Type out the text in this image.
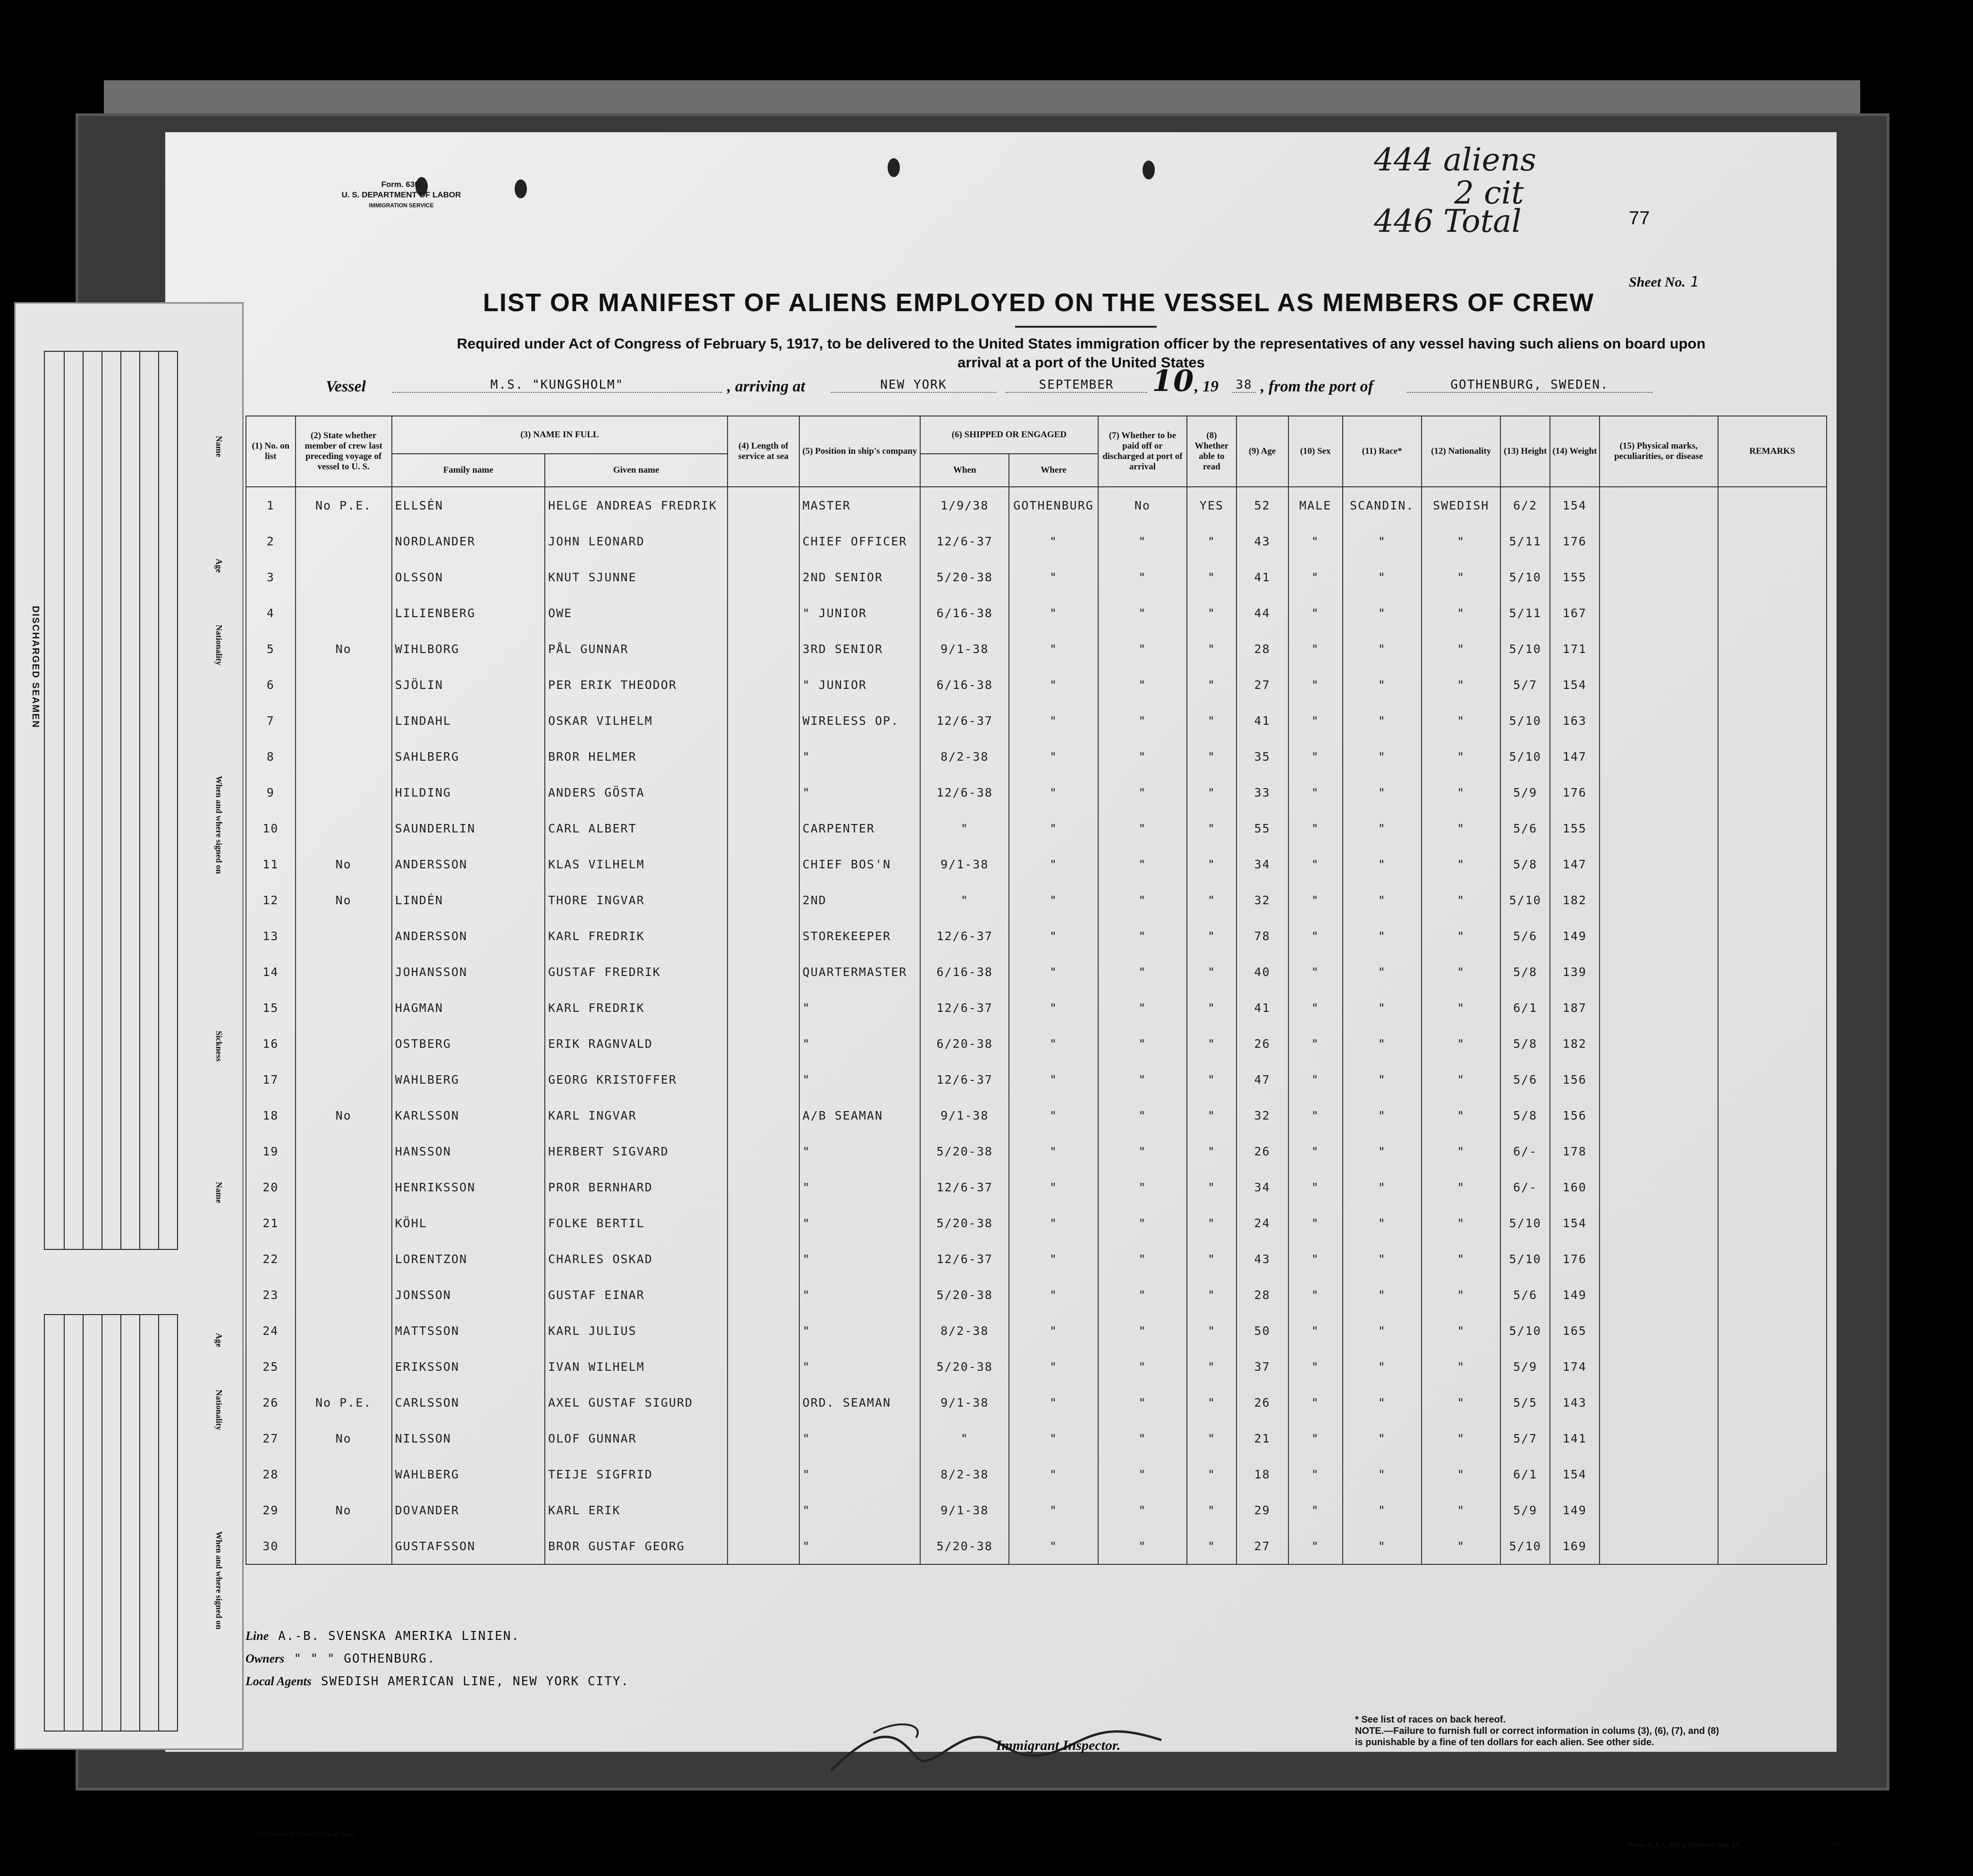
Form. 630.
U. S. DEPARTMENT OF LABOR
IMMIGRATION SERVICE
444 aliens
2 cit
446 Total	77
Sheet No. 1
LIST OR MANIFEST OF ALIENS EMPLOYED ON THE VESSEL AS MEMBERS OF CREW
Required under Act of Congress of February 5, 1917, to be delivered to the United States immigration officer by the representatives of any vessel having such aliens on board upon
arrival at a port of the United States
Vessel	M.S. "KUNGSHOLM"	, arriving at	NEW YORK	SEPTEMBER	10 , 19 38 , from the port of	GOTHENBURG, SWEDEN.
(1) No. on list	(2) State whether member of crew last preceding voyage of vessel to U. S.	(3) NAME IN FULL		(4) Length of service at sea	(5) Position in ship's company	(6) SHIPPED OR ENGAGED		(7) Whether to be paid off or discharged at port of arrival	(8) Whether able to read	(9) Age	(10) Sex	(11) Race*	(12) Nationality	(13) Height	(14) Weight	(15) Physical marks, peculiarities, or disease	REMARKS
		Family name	Given name			When	Where										
1	No P.E.	ELLSÉN	HELGE ANDREAS FREDRIK		MASTER	1/9/38	GOTHENBURG	No	YES	52	MALE	SCANDIN.	SWEDISH	6/2	154		
2		NORDLANDER	JOHN LEONARD		CHIEF OFFICER	12/6-37	"	"	"	43	"	"	"	5/11	176		
3		OLSSON	KNUT SJUNNE		2ND SENIOR	5/20-38	"	"	"	41	"	"	"	5/10	155		
4		LILIENBERG	OWE		" JUNIOR	6/16-38	"	"	"	44	"	"	"	5/11	167		
5	No	WIHLBORG	PÅL GUNNAR		3RD SENIOR	9/1-38	"	"	"	28	"	"	"	5/10	171		
6		SJÖLIN	PER ERIK THEODOR		" JUNIOR	6/16-38	"	"	"	27	"	"	"	5/7	154		
7		LINDAHL	OSKAR VILHELM		WIRELESS OP.	12/6-37	"	"	"	41	"	"	"	5/10	163		
8		SAHLBERG	BROR HELMER		"	8/2-38	"	"	"	35	"	"	"	5/10	147		
9		HILDING	ANDERS GÖSTA		"	12/6-38	"	"	"	33	"	"	"	5/9	176		
10		SAUNDERLIN	CARL ALBERT		CARPENTER	"	"	"	"	55	"	"	"	5/6	155		
11	No	ANDERSSON	KLAS VILHELM		CHIEF BOS'N	9/1-38	"	"	"	34	"	"	"	5/8	147		
12	No	LINDÉN	THORE INGVAR		2ND	"	"	"	"	32	"	"	"	5/10	182		
13		ANDERSSON	KARL FREDRIK		STOREKEEPER	12/6-37	"	"	"	78	"	"	"	5/6	149		
14		JOHANSSON	GUSTAF FREDRIK		QUARTERMASTER	6/16-38	"	"	"	40	"	"	"	5/8	139		
15		HAGMAN	KARL FREDRIK		"	12/6-37	"	"	"	41	"	"	"	6/1	187		
16		OSTBERG	ERIK RAGNVALD		"	6/20-38	"	"	"	26	"	"	"	5/8	182		
17		WAHLBERG	GEORG KRISTOFFER		"	12/6-37	"	"	"	47	"	"	"	5/6	156		
18	No	KARLSSON	KARL INGVAR		A/B SEAMAN	9/1-38	"	"	"	32	"	"	"	5/8	156		
19		HANSSON	HERBERT SIGVARD		"	5/20-38	"	"	"	26	"	"	"	6/-	178		
20		HENRIKSSON	PROR BERNHARD		"	12/6-37	"	"	"	34	"	"	"	6/-	160		
21		KÖHL	FOLKE BERTIL		"	5/20-38	"	"	"	24	"	"	"	5/10	154		
22		LORENTZON	CHARLES OSKAD		"	12/6-37	"	"	"	43	"	"	"	5/10	176		
23		JONSSON	GUSTAF EINAR		"	5/20-38	"	"	"	28	"	"	"	5/6	149		
24		MATTSSON	KARL JULIUS		"	8/2-38	"	"	"	50	"	"	"	5/10	165		
25		ERIKSSON	IVAN WILHELM		"	5/20-38	"	"	"	37	"	"	"	5/9	174		
26	No P.E.	CARLSSON	AXEL GUSTAF SIGURD		ORD. SEAMAN	9/1-38	"	"	"	26	"	"	"	5/5	143		
27	No	NILSSON	OLOF GUNNAR		"	"	"	"	"	21	"	"	"	5/7	141		
28		WAHLBERG	TEIJE SIGFRID		"	8/2-38	"	"	"	18	"	"	"	6/1	154		
29	No	DOVANDER	KARL ERIK		"	9/1-38	"	"	"	29	"	"	"	5/9	149		
30		GUSTAFSSON	BROR GUSTAF GEORG		"	5/20-38	"	"	"	27	"	"	"	5/10	169		
Line A.-B. SVENSKA AMERIKA LINIEN.
Owners " " " GOTHENBURG.
Local Agents SWEDISH AMERICAN LINE, NEW YORK CITY.
Immigrant Inspector.
* See list of races on back hereof.
NOTE.—Failure to furnish full or correct information in colums (3), (6), (7), and (8)
is punishable by a fine of ten dollars for each alien. See other side.
GÖTEBORGS BOKTRYCKERI A.-B. 60184
Form. S. A. L. 116 a. 15000 ex. febr. 37.	37.
DISCHARGED SEAMEN
Name
Age
Nationality
When and where signed on
Sickness
Name
Age
Nationality
When and where signed on
